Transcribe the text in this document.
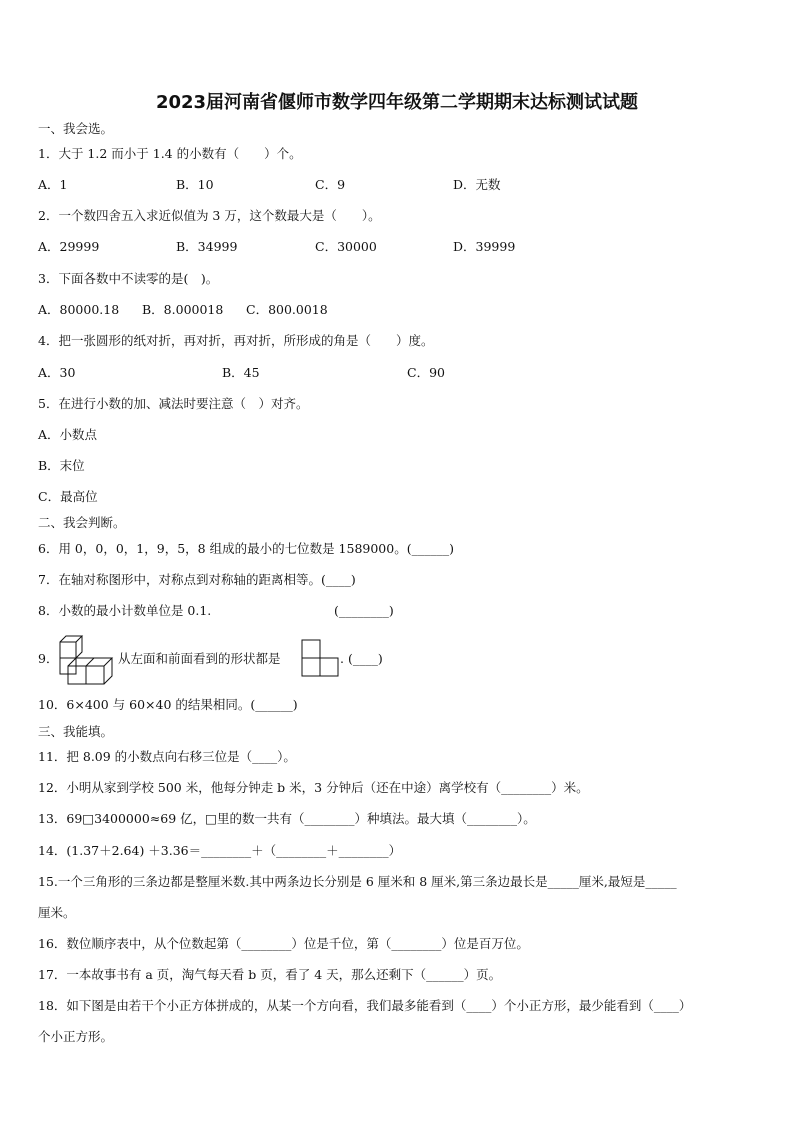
2023届河南省偃师市数学四年级第二学期期末达标测试试题
一、我会选。
1．大于 1.2 而小于 1.4 的小数有（　　）个。
A．1	B．10	C．9	D．无数
2．一个数四舍五入求近似值为 3 万，这个数最大是（　　）。
A．29999	B．34999	C．30000	D．39999
3．下面各数中不读零的是(　)。
A．80000.18 B．8.000018 C．800.0018
4．把一张圆形的纸对折，再对折，再对折，所形成的角是（　　）度。
A．30	B．45	C．90
5．在进行小数的加、减法时要注意（　）对齐。
A．小数点
B．末位
C．最高位
二、我会判断。
6．用 0，0，0，1，9，5，8 组成的最小的七位数是 1589000。(______)
7．在轴对称图形中，对称点到对称轴的距离相等。(____)
8．小数的最小计数单位是 0.1.	(________)
9．	从左面和前面看到的形状都是	. (____)
10．6×400 与 60×40 的结果相同。(______)
三、我能填。
11．把 8.09 的小数点向右移三位是（____）。
12．小明从家到学校 500 米，他每分钟走 b 米，3 分钟后（还在中途）离学校有（________）米。
13．69□3400000≈69 亿，□里的数一共有（________）种填法。最大填（________）。
14．(1.37＋2.64) ＋3.36＝________＋（________＋________）
15.一个三角形的三条边都是整厘米数.其中两条边长分别是 6 厘米和 8 厘米,第三条边最长是_____厘米,最短是_____
厘米。
16．数位顺序表中，从个位数起第（________）位是千位，第（________）位是百万位。
17．一本故事书有 a 页，淘气每天看 b 页，看了 4 天，那么还剩下（______）页。
18．如下图是由若干个小正方体拼成的，从某一个方向看，我们最多能看到（____）个小正方形，最少能看到（____）
个小正方形。
